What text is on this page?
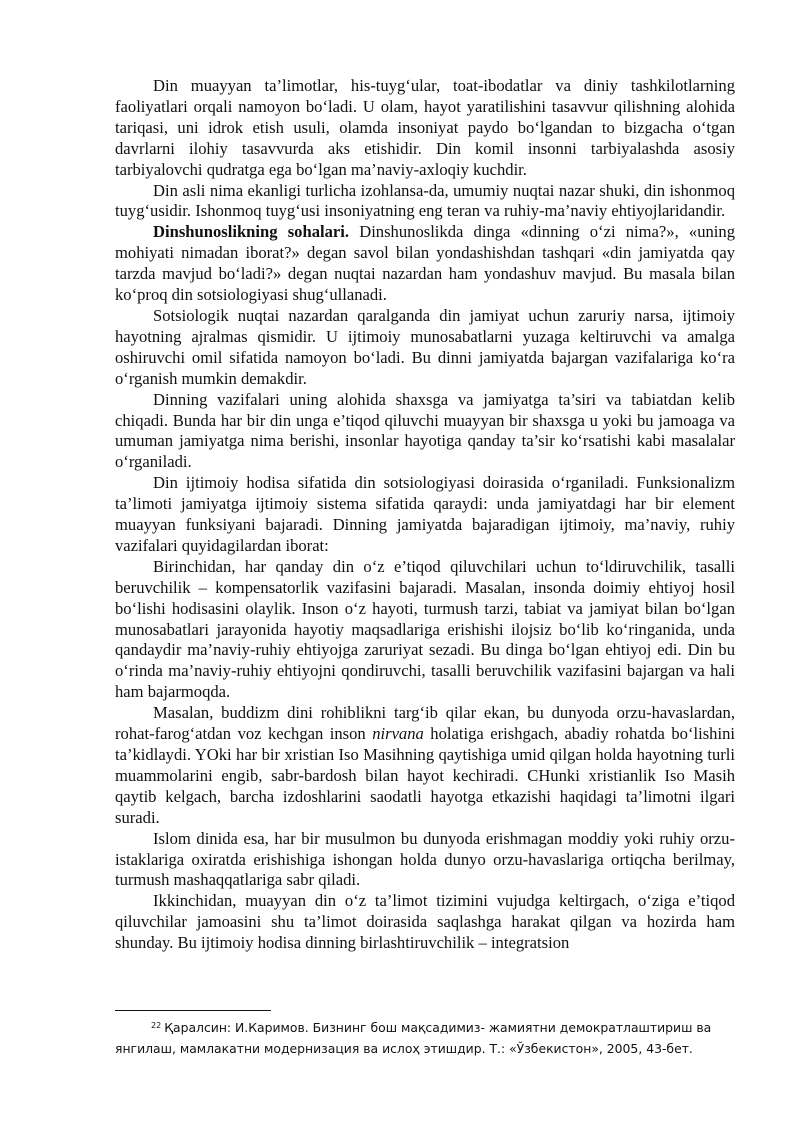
Din muayyan ta’limotlar, his-tuyg‘ular, toat-ibodatlar va diniy tashkilotlarning faoliyatlari orqali namoyon bo‘ladi. U olam, hayot yaratilishini tasavvur qilishning alohida tariqasi, uni idrok etish usuli, olamda insoniyat paydo bo‘lgandan to bizgacha o‘tgan davrlarni ilohiy tasavvurda aks etishidir. Din komil insonni tarbiyalashda asosiy tarbiyalovchi qudratga ega bo‘lgan ma’naviy-axloqiy kuchdir.

Din asli nima ekanligi turlicha izohlansa-da, umumiy nuqtai nazar shuki, din ishonmoq tuyg‘usidir. Ishonmoq tuyg‘usi insoniyatning eng teran va ruhiy-ma’naviy ehtiyojlaridandir.

Dinshunoslikning sohalari. Dinshunoslikda dinga «dinning o‘zi nima?», «uning mohiyati nimadan iborat?» degan savol bilan yondashishdan tashqari «din jamiyatda qay tarzda mavjud bo‘ladi?» degan nuqtai nazardan ham yondashuv mavjud. Bu masala bilan ko‘proq din sotsiologiyasi shug‘ullanadi.

Sotsiologik nuqtai nazardan qaralganda din jamiyat uchun zaruriy narsa, ijtimoiy hayotning ajralmas qismidir. U ijtimoiy munosabatlarni yuzaga keltiruvchi va amalga oshiruvchi omil sifatida namoyon bo‘ladi. Bu dinni jamiyatda bajargan vazifalariga ko‘ra o‘rganish mumkin demakdir.

Dinning vazifalari uning alohida shaxsga va jamiyatga ta’siri va tabiatdan kelib chiqadi. Bunda har bir din unga e’tiqod qiluvchi muayyan bir shaxsga u yoki bu jamoaga va umuman jamiyatga nima berishi, insonlar hayotiga qanday ta’sir ko‘rsatishi kabi masalalar o‘rganiladi.

Din ijtimoiy hodisa sifatida din sotsiologiyasi doirasida o‘rganiladi. Funksionalizm ta’limoti jamiyatga ijtimoiy sistema sifatida qaraydi: unda jamiyatdagi har bir element muayyan funksiyani bajaradi. Dinning jamiyatda bajaradigan ijtimoiy, ma’naviy, ruhiy vazifalari quyidagilardan iborat:

Birinchidan, har qanday din o‘z e’tiqod qiluvchilari uchun to‘ldiruvchilik, tasalli beruvchilik – kompensatorlik vazifasini bajaradi. Masalan, insonda doimiy ehtiyoj hosil bo‘lishi hodisasini olaylik. Inson o‘z hayoti, turmush tarzi, tabiat va jamiyat bilan bo‘lgan munosabatlari jarayonida hayotiy maqsadlariga erishishi ilojsiz bo‘lib ko‘ringanida, unda qandaydir ma’naviy-ruhiy ehtiyojga zaruriyat sezadi. Bu dinga bo‘lgan ehtiyoj edi. Din bu o‘rinda ma’naviy-ruhiy ehtiyojni qondiruvchi, tasalli beruvchilik vazifasini bajargan va hali ham bajarmoqda.

Masalan, buddizm dini rohiblikni targ‘ib qilar ekan, bu dunyoda orzu-havaslardan, rohat-farog‘atdan voz kechgan inson nirvana holatiga erishgach, abadiy rohatda bo‘lishini ta’kidlaydi. YOki har bir xristian Iso Masihning qaytishiga umid qilgan holda hayotning turli muammolarini engib, sabr-bardosh bilan hayot kechiradi. CHunki xristianlik Iso Masih qaytib kelgach, barcha izdoshlarini saodatli hayotga etkazishi haqidagi ta’limotni ilgari suradi.

Islom dinida esa, har bir musulmon bu dunyoda erishmagan moddiy yoki ruhiy orzu-istaklariga oxiratda erishishiga ishongan holda dunyo orzu-havaslariga ortiqcha berilmay, turmush mashaqqatlariga sabr qiladi.

Ikkinchidan, muayyan din o‘z ta’limot tizimini vujudga keltirgach, o‘ziga e’tiqod qiluvchilar jamoasini shu ta’limot doirasida saqlashga harakat qilgan va hozirda ham shunday. Bu ijtimoiy hodisa dinning birlashtiruvchilik – integratsion

$^{22}$ Қаралсин: И.Каримов. Бизнинг бош мақсадимиз- жамиятни демократлаштириш ва янгилаш, мамлакатни модернизация ва ислоҳ этишдир. Т.: «Ўзбекистон», 2005, 43-бет.
